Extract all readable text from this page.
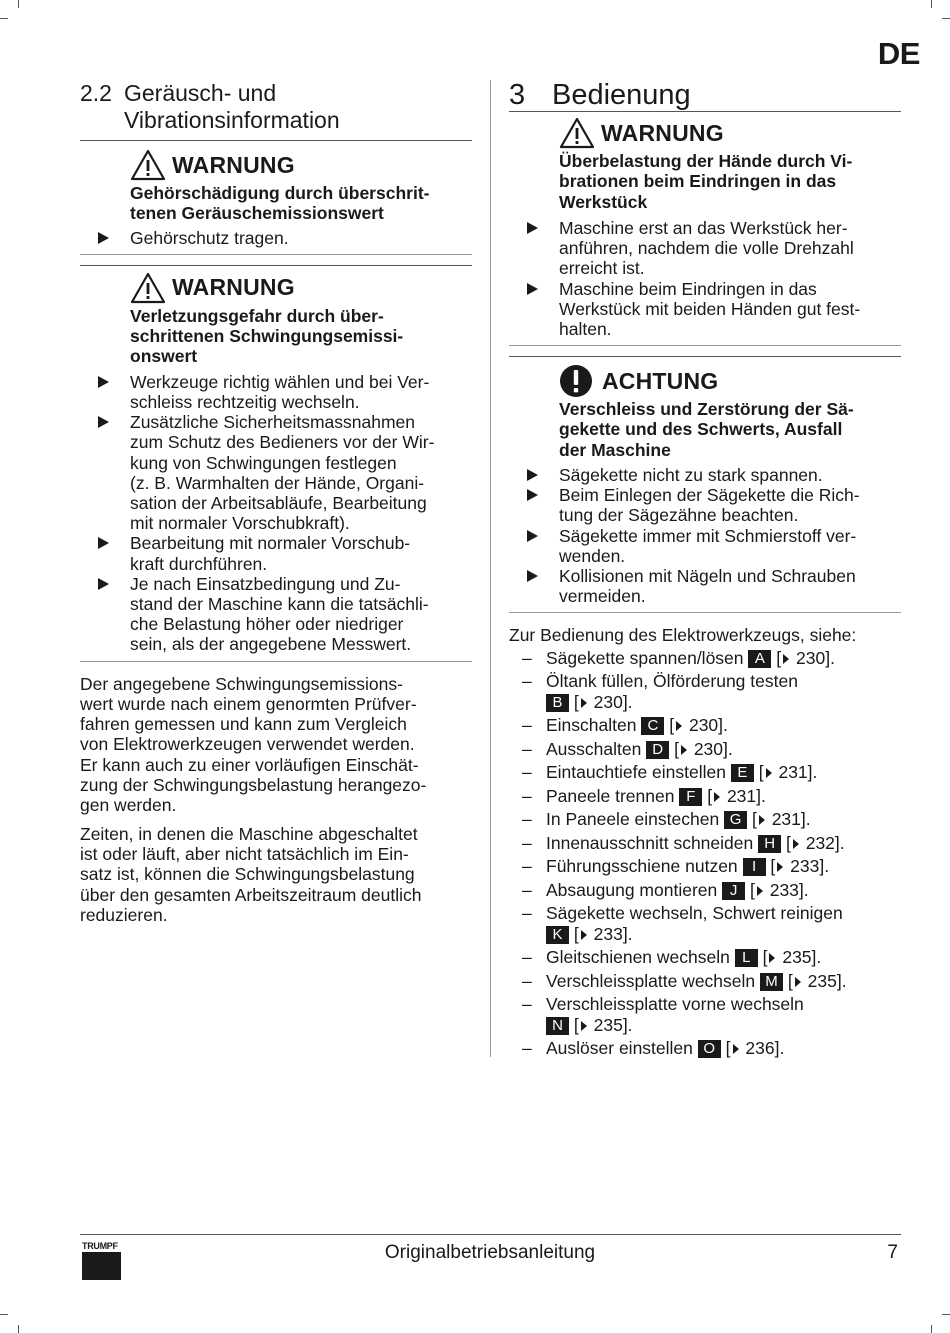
DE
2.2 Geräusch- und
Vibrationsinformation
WARNUNG
Gehörschädigung durch überschrit-
tenen Geräuschemissionswert
Gehörschutz tragen.
WARNUNG
Verletzungsgefahr durch über-
schrittenen Schwingungsemissi-
onswert
Werkzeuge richtig wählen und bei Ver-
schleiss rechtzeitig wechseln.
Zusätzliche Sicherheitsmassnahmen
zum Schutz des Bedieners vor der Wir-
kung von Schwingungen festlegen
(z. B. Warmhalten der Hände, Organi-
sation der Arbeitsabläufe, Bearbeitung
mit normaler Vorschubkraft).
Bearbeitung mit normaler Vorschub-
kraft durchführen.
Je nach Einsatzbedingung und Zu-
stand der Maschine kann die tatsächli-
che Belastung höher oder niedriger
sein, als der angegebene Messwert.
Der angegebene Schwingungsemissions-
wert wurde nach einem genormten Prüfver-
fahren gemessen und kann zum Vergleich
von Elektrowerkzeugen verwendet werden.
Er kann auch zu einer vorläufigen Einschät-
zung der Schwingungsbelastung herangezo-
gen werden.
Zeiten, in denen die Maschine abgeschaltet
ist oder läuft, aber nicht tatsächlich im Ein-
satz ist, können die Schwingungsbelastung
über den gesamten Arbeitszeitraum deutlich
reduzieren.
3 Bedienung
WARNUNG
Überbelastung der Hände durch Vi-
brationen beim Eindringen in das
Werkstück
Maschine erst an das Werkstück her-
anführen, nachdem die volle Drehzahl
erreicht ist.
Maschine beim Eindringen in das
Werkstück mit beiden Händen gut fest-
halten.
ACHTUNG
Verschleiss und Zerstörung der Sä-
gekette und des Schwerts, Ausfall
der Maschine
Sägekette nicht zu stark spannen.
Beim Einlegen der Sägekette die Rich-
tung der Sägezähne beachten.
Sägekette immer mit Schmierstoff ver-
wenden.
Kollisionen mit Nägeln und Schrauben
vermeiden.
Zur Bedienung des Elektrowerkzeugs, siehe:
– Sägekette spannen/lösen A [ 230].
– Öltank füllen, Ölförderung testen
B [ 230].
– Einschalten C [ 230].
– Ausschalten D [ 230].
– Eintauchtiefe einstellen E [ 231].
– Paneele trennen F [ 231].
– In Paneele einstechen G [ 231].
– Innenausschnitt schneiden H [ 232].
– Führungsschiene nutzen I [ 233].
– Absaugung montieren J [ 233].
– Sägekette wechseln, Schwert reinigen
K [ 233].
– Gleitschienen wechseln L [ 235].
– Verschleissplatte wechseln M [ 235].
– Verschleissplatte vorne wechseln
N [ 235].
– Auslöser einstellen O [ 236].
TRUMPF	Originalbetriebsanleitung	7
